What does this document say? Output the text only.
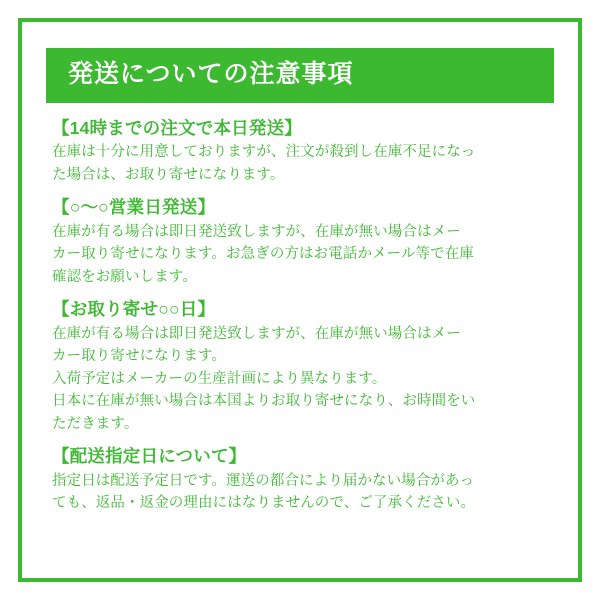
発送についての注意事項
【14時までの注文で本日発送】
在庫は十分に用意しておりますが、注文が殺到し在庫不足になっ
た場合は、お取り寄せになります。
【○〜○営業日発送】
在庫が有る場合は即日発送致しますが、在庫が無い場合はメー
カー取り寄せになります。お急ぎの方はお電話かメール等で在庫
確認をお願いします。
【お取り寄せ○○日】
在庫が有る場合は即日発送致しますが、在庫が無い場合はメー
カー取り寄せになります。
入荷予定はメーカーの生産計画により異なります。
日本に在庫が無い場合は本国よりお取り寄せになり、お時間をい
ただきます。
【配送指定日について】
指定日は配送予定日です。運送の都合により届かない場合があっ
ても、返品・返金の理由にはなりませんので、ご了承ください。
